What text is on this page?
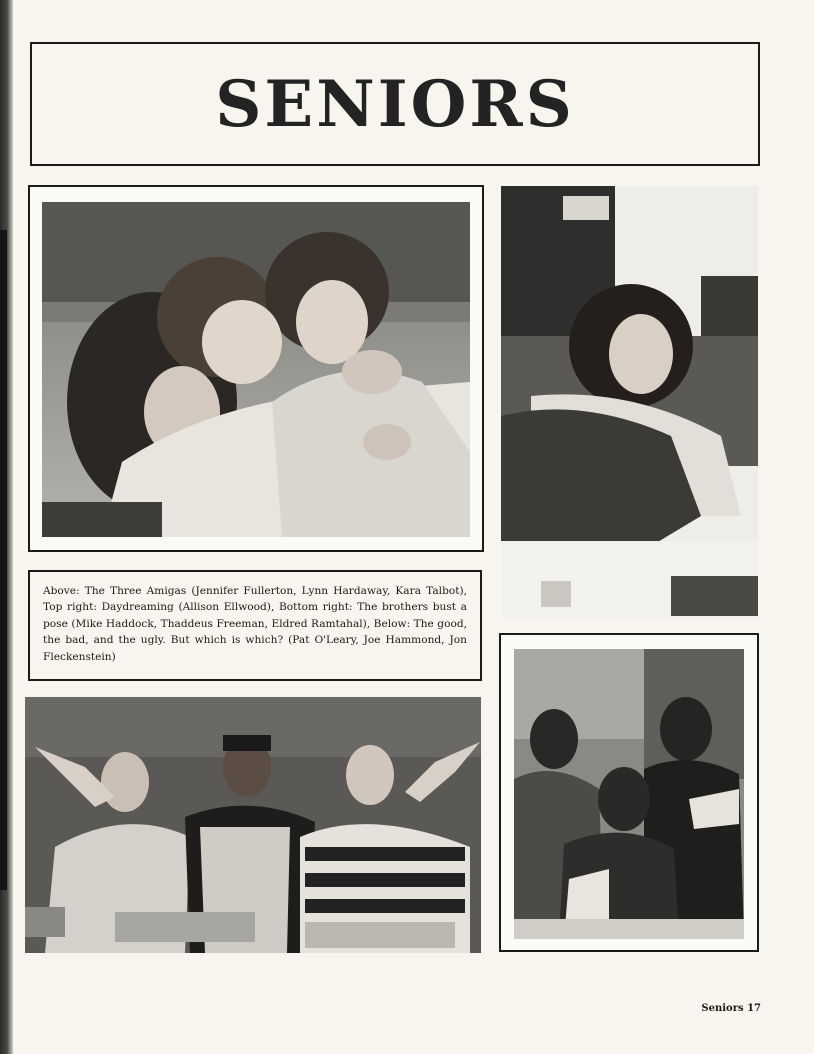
SENIORS

Above: The Three Amigas (Jennifer Fullerton, Lynn Hardaway, Kara Talbot), Top right: Daydreaming (Allison Ellwood), Bottom right: The brothers bust a pose (Mike Haddock, Thaddeus Freeman, Eldred Ramtahal), Below: The good, the bad, and the ugly. But which is which? (Pat O'Leary, Joe Hammond, Jon Fleckenstein)

Seniors 17
